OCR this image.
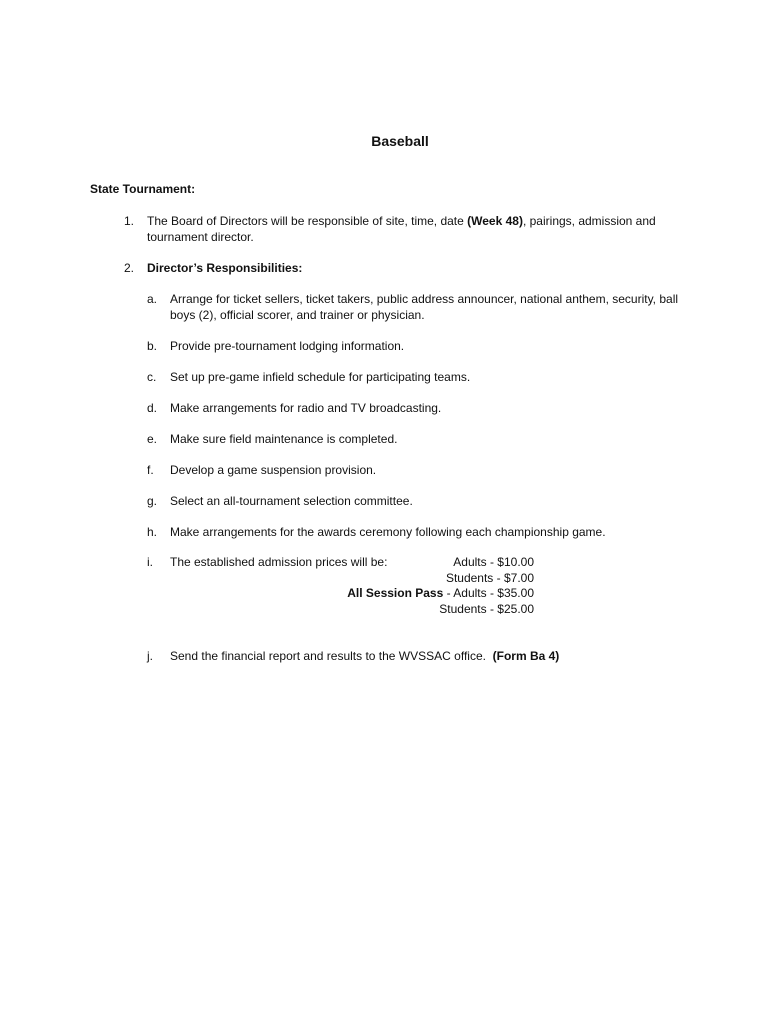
Baseball
State Tournament:
1. The Board of Directors will be responsible of site, time, date (Week 48), pairings, admission and tournament director.
2. Director’s Responsibilities:
a. Arrange for ticket sellers, ticket takers, public address announcer, national anthem, security, ball boys (2), official scorer, and trainer or physician.
b. Provide pre-tournament lodging information.
c. Set up pre-game infield schedule for participating teams.
d. Make arrangements for radio and TV broadcasting.
e. Make sure field maintenance is completed.
f. Develop a game suspension provision.
g. Select an all-tournament selection committee.
h. Make arrangements for the awards ceremony following each championship game.
i. The established admission prices will be:	Adults - $10.00
Students - $7.00
All Session Pass - Adults - $35.00
Students - $25.00
j. Send the financial report and results to the WVSSAC office.  (Form Ba 4)
